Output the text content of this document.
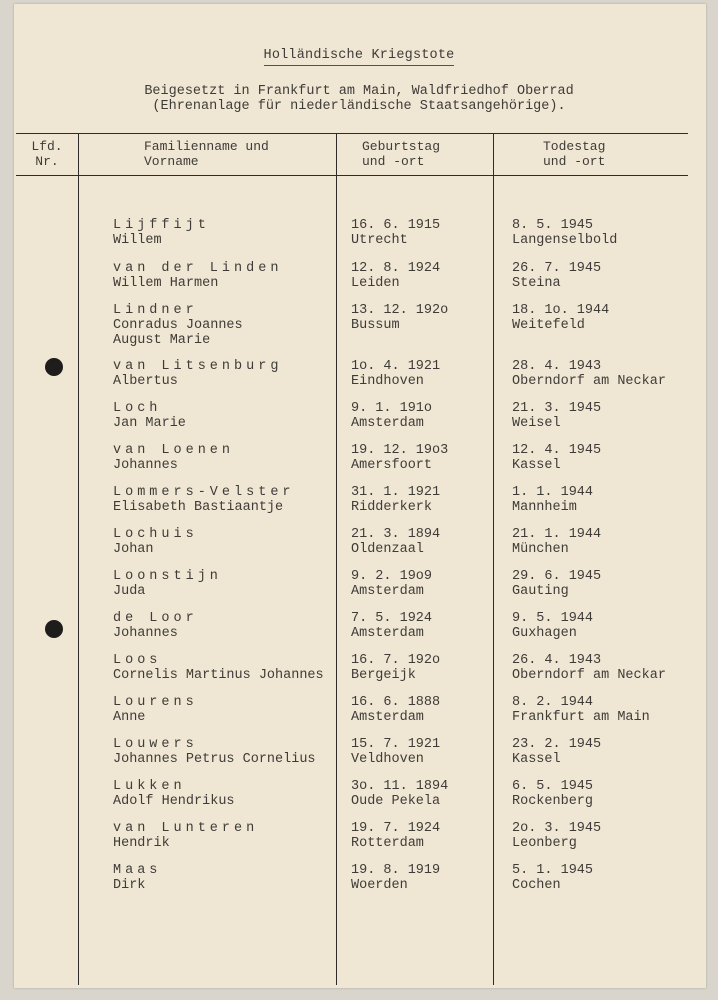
Holländische Kriegstote
Beigesetzt in Frankfurt am Main, Waldfriedhof Oberrad
(Ehrenanlage für niederländische Staatsangehörige).
Lfd.
Nr.
Familienname und
Vorname
Geburtstag
und -ort
Todestag
und -ort
Lijffijt
Willem
16. 6. 1915
Utrecht
8. 5. 1945
Langenselbold
van der Linden
Willem Harmen
12. 8. 1924
Leiden
26. 7. 1945
Steina
Lindner
Conradus Joannes
August Marie
13. 12. 192o
Bussum
18. 1o. 1944
Weitefeld
van Litsenburg
Albertus
1o. 4. 1921
Eindhoven
28. 4. 1943
Oberndorf am Neckar
Loch
Jan Marie
9. 1. 191o
Amsterdam
21. 3. 1945
Weisel
van Loenen
Johannes
19. 12. 19o3
Amersfoort
12. 4. 1945
Kassel
Lommers-Velster
Elisabeth Bastiaantje
31. 1. 1921
Ridderkerk
1. 1. 1944
Mannheim
Lochuis
Johan
21. 3. 1894
Oldenzaal
21. 1. 1944
München
Loonstijn
Juda
9. 2. 19o9
Amsterdam
29. 6. 1945
Gauting
de Loor
Johannes
7. 5. 1924
Amsterdam
9. 5. 1944
Guxhagen
Loos
Cornelis Martinus Johannes
16. 7. 192o
Bergeijk
26. 4. 1943
Oberndorf am Neckar
Lourens
Anne
16. 6. 1888
Amsterdam
8. 2. 1944
Frankfurt am Main
Louwers
Johannes Petrus Cornelius
15. 7. 1921
Veldhoven
23. 2. 1945
Kassel
Lukken
Adolf Hendrikus
3o. 11. 1894
Oude Pekela
6. 5. 1945
Rockenberg
van Lunteren
Hendrik
19. 7. 1924
Rotterdam
2o. 3. 1945
Leonberg
Maas
Dirk
19. 8. 1919
Woerden
5. 1. 1945
Cochen
